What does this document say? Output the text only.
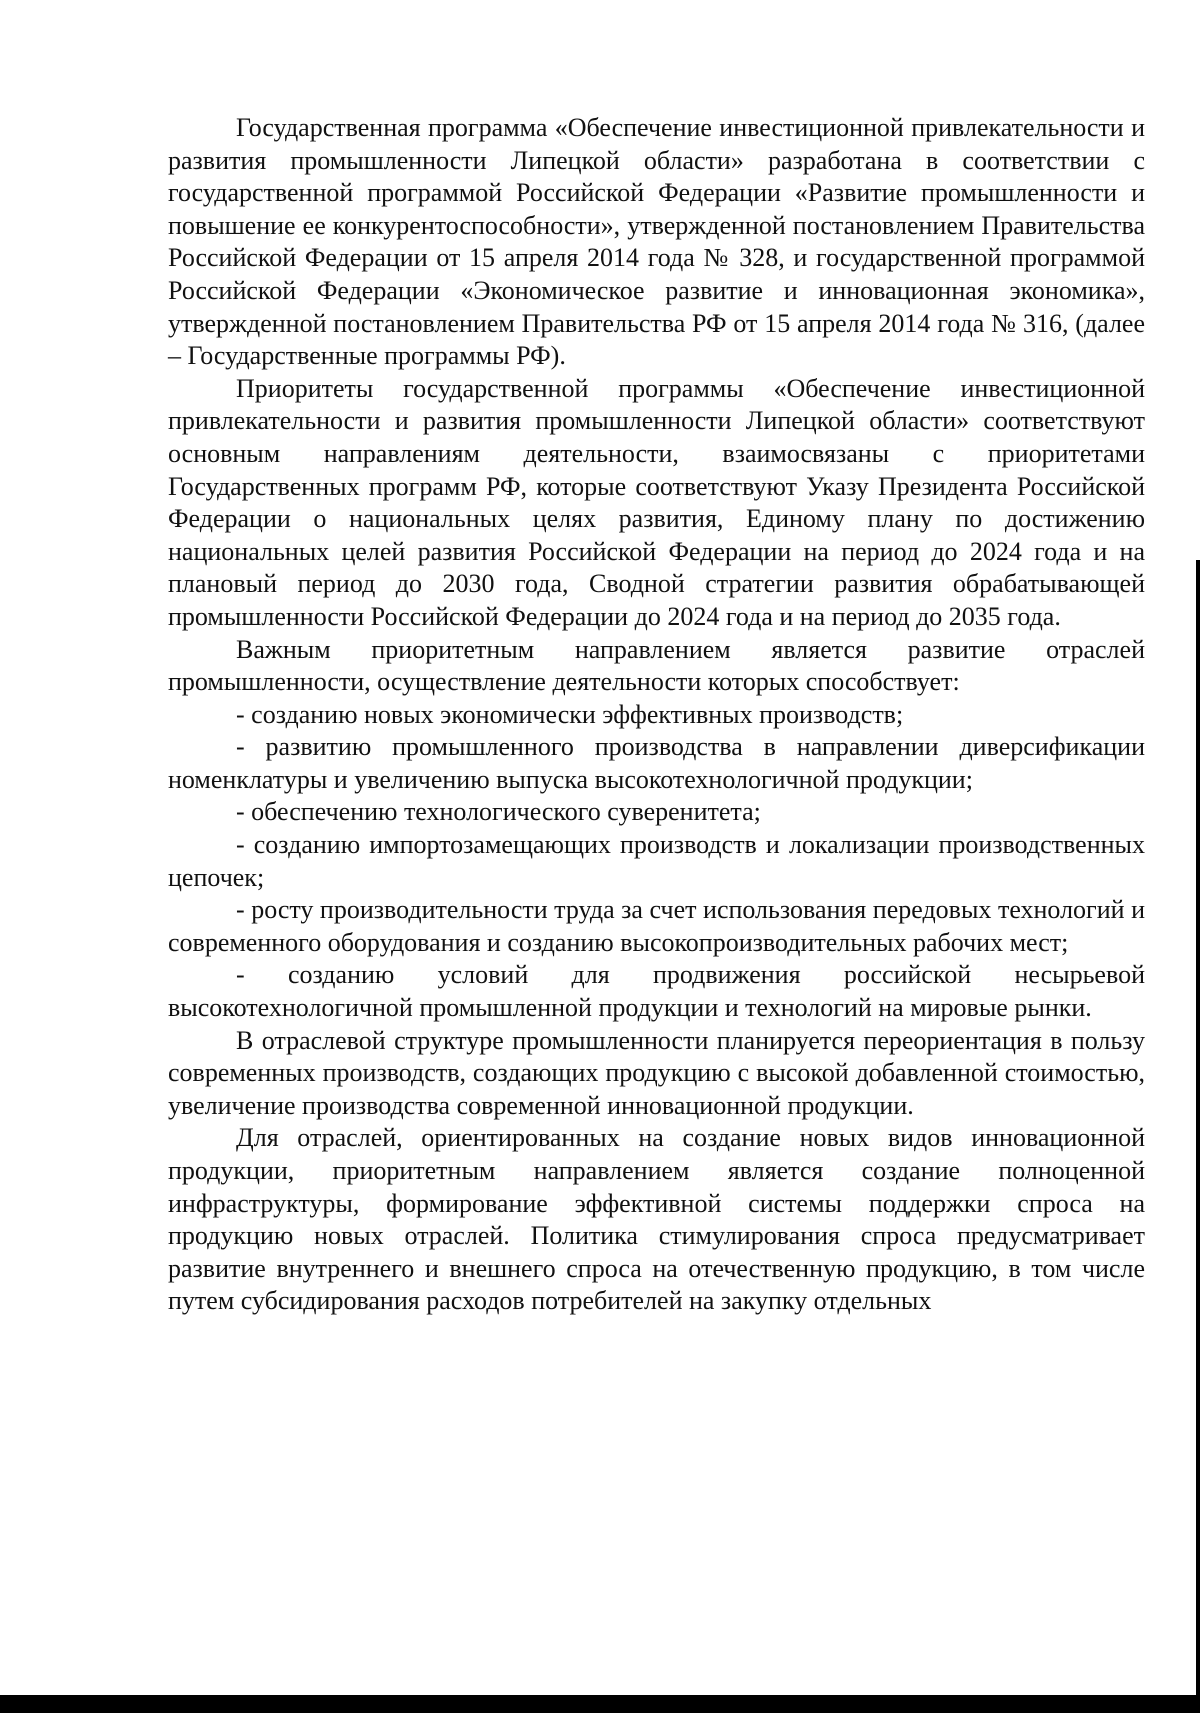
Государственная программа «Обеспечение инвестиционной привлекательности и развития промышленности Липецкой области» разработана в соответствии с государственной программой Российской Федерации «Развитие промышленности и повышение ее конкурентоспособности», утвержденной постановлением Правительства Российской Федерации от 15 апреля 2014 года № 328, и государственной программой Российской Федерации «Экономическое развитие и инновационная экономика», утвержденной постановлением Правительства РФ от 15 апреля 2014 года № 316, (далее – Государственные программы РФ).

Приоритеты государственной программы «Обеспечение инвестиционной привлекательности и развития промышленности Липецкой области» соответствуют основным направлениям деятельности, взаимосвязаны с приоритетами Государственных программ РФ, которые соответствуют Указу Президента Российской Федерации о национальных целях развития, Единому плану по достижению национальных целей развития Российской Федерации на период до 2024 года и на плановый период до 2030 года, Сводной стратегии развития обрабатывающей промышленности Российской Федерации до 2024 года и на период до 2035 года.

Важным приоритетным направлением является развитие отраслей промышленности, осуществление деятельности которых способствует:

- созданию новых экономически эффективных производств;

- развитию промышленного производства в направлении диверсификации номенклатуры и увеличению выпуска высокотехнологичной продукции;

- обеспечению технологического суверенитета;

- созданию импортозамещающих производств и локализации производственных цепочек;

- росту производительности труда за счет использования передовых технологий и современного оборудования и созданию высокопроизводительных рабочих мест;

- созданию условий для продвижения российской несырьевой высокотехнологичной промышленной продукции и технологий на мировые рынки.

В отраслевой структуре промышленности планируется переориентация в пользу современных производств, создающих продукцию с высокой добавленной стоимостью, увеличение производства современной инновационной продукции.

Для отраслей, ориентированных на создание новых видов инновационной продукции, приоритетным направлением является создание полноценной инфраструктуры, формирование эффективной системы поддержки спроса на продукцию новых отраслей. Политика стимулирования спроса предусматривает развитие внутреннего и внешнего спроса на отечественную продукцию, в том числе путем субсидирования расходов потребителей на закупку отдельных
